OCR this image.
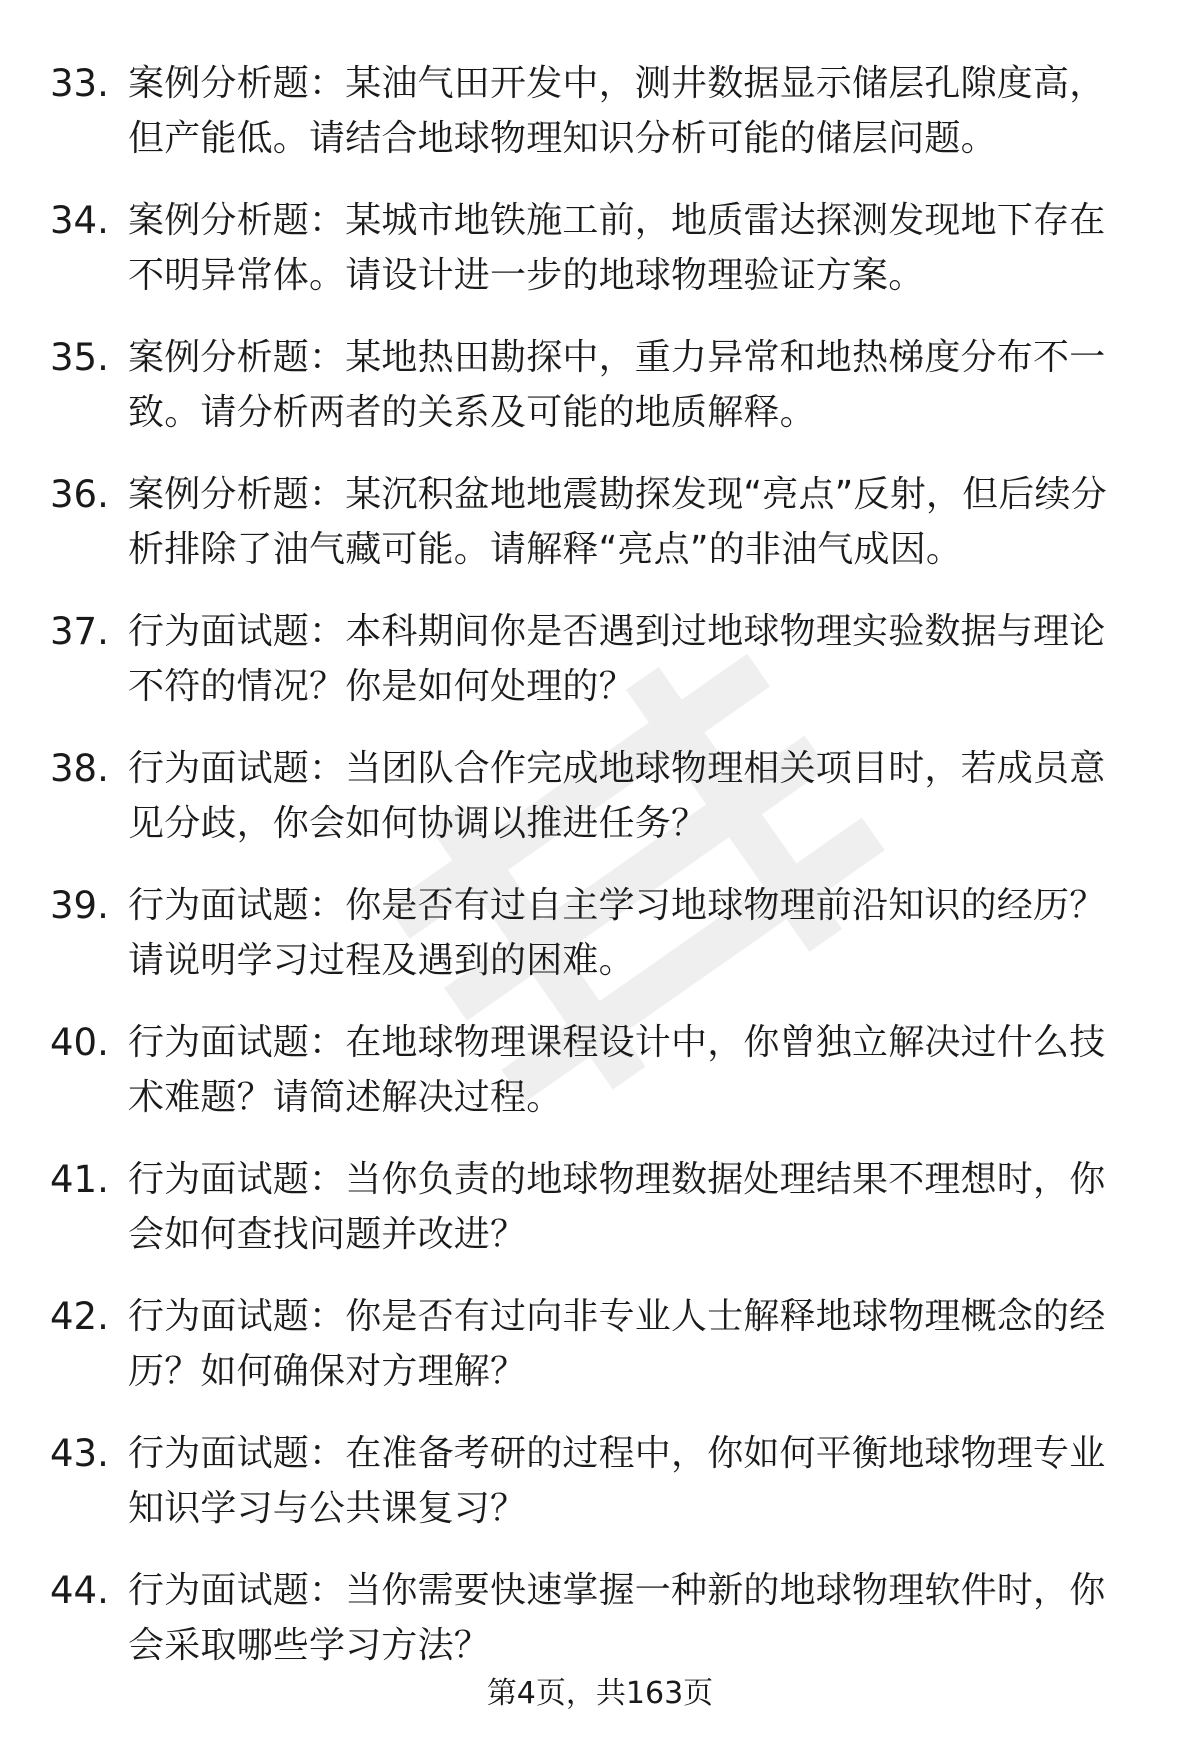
33. 案例分析题：某油气田开发中，测井数据显示储层孔隙度高，但产能低。请结合地球物理知识分析可能的储层问题。
34. 案例分析题：某城市地铁施工前，地质雷达探测发现地下存在不明异常体。请设计进一步的地球物理验证方案。
35. 案例分析题：某地热田勘探中，重力异常和地热梯度分布不一致。请分析两者的关系及可能的地质解释。
36. 案例分析题：某沉积盆地地震勘探发现“亮点”反射，但后续分析排除了油气藏可能。请解释“亮点”的非油气成因。
37. 行为面试题：本科期间你是否遇到过地球物理实验数据与理论不符的情况？你是如何处理的？
38. 行为面试题：当团队合作完成地球物理相关项目时，若成员意见分歧，你会如何协调以推进任务？
39. 行为面试题：你是否有过自主学习地球物理前沿知识的经历？请说明学习过程及遇到的困难。
40. 行为面试题：在地球物理课程设计中，你曾独立解决过什么技术难题？请简述解决过程。
41. 行为面试题：当你负责的地球物理数据处理结果不理想时，你会如何查找问题并改进？
42. 行为面试题：你是否有过向非专业人士解释地球物理概念的经历？如何确保对方理解？
43. 行为面试题：在准备考研的过程中，你如何平衡地球物理专业知识学习与公共课复习？
44. 行为面试题：当你需要快速掌握一种新的地球物理软件时，你会采取哪些学习方法？
第4页，共163页
